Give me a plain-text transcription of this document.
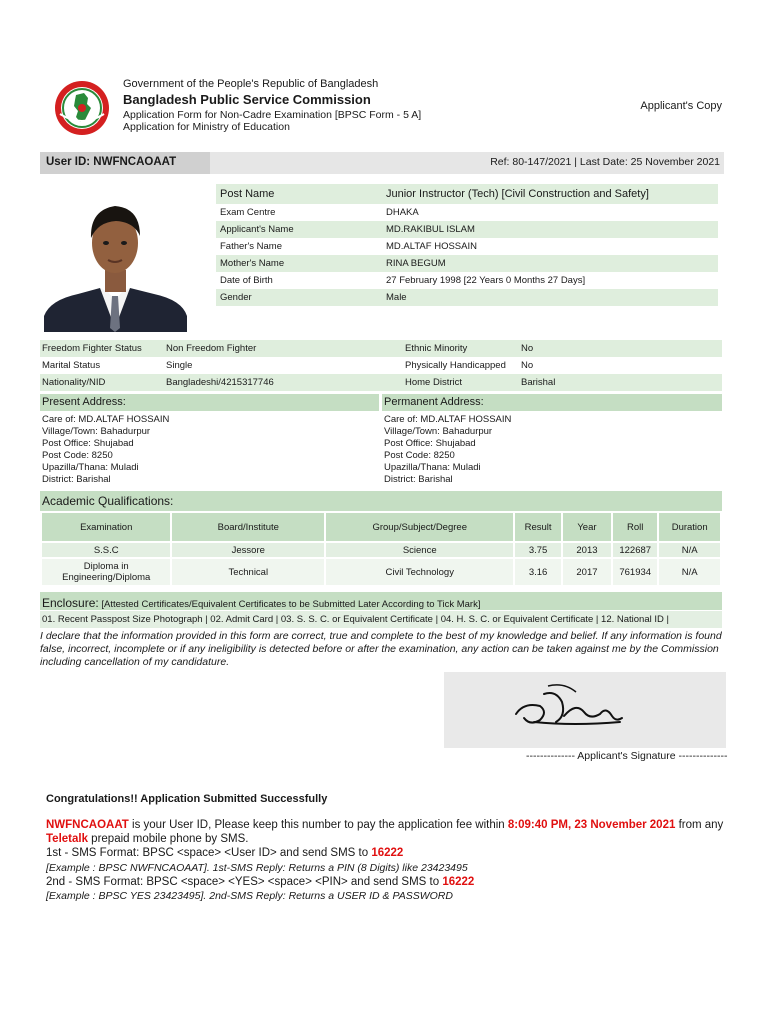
Government of the People's Republic of Bangladesh
Bangladesh Public Service Commission
Application Form for Non-Cadre Examination [BPSC Form - 5 A]
Application for Ministry of Education
Applicant's Copy
User ID: NWFNCAOAAT	Ref: 80-147/2021 | Last Date: 25 November 2021
Post Name	Junior Instructor (Tech) [Civil Construction and Safety]
Exam Centre	DHAKA
Applicant's Name	MD.RAKIBUL ISLAM
Father's Name	MD.ALTAF HOSSAIN
Mother's Name	RINA BEGUM
Date of Birth	27 February 1998 [22 Years 0 Months 27 Days]
Gender	Male
Freedom Fighter Status	Non Freedom Fighter	Ethnic Minority	No
Marital Status	Single	Physically Handicapped	No
Nationality/NID	Bangladeshi/4215317746	Home District	Barishal
Present Address:	Permanent Address:
Care of: MD.ALTAF HOSSAIN
Village/Town: Bahadurpur
Post Office: Shujabad
Post Code: 8250
Upazilla/Thana: Muladi
District: Barishal
Care of: MD.ALTAF HOSSAIN
Village/Town: Bahadurpur
Post Office: Shujabad
Post Code: 8250
Upazilla/Thana: Muladi
District: Barishal
Academic Qualifications:
Examination	Board/Institute	Group/Subject/Degree	Result	Year	Roll	Duration
S.S.C	Jessore	Science	3.75	2013	122687	N/A
Diploma in Engineering/Diploma	Technical	Civil Technology	3.16	2017	761934	N/A
Enclosure: [Attested Certificates/Equivalent Certificates to be Submitted Later According to Tick Mark]
01. Recent Passpost Size Photograph | 02. Admit Card | 03. S. S. C. or Equivalent Certificate | 04. H. S. C. or Equivalent Certificate | 12. National ID |
I declare that the information provided in this form are correct, true and complete to the best of my knowledge and belief. If any information is found false, incorrect, incomplete or if any ineligibility is detected before or after the examination, any action can be taken against me by the Commission including cancellation of my candidature.
-------------- Applicant's Signature --------------
Congratulations!! Application Submitted Successfully
NWFNCAOAAT is your User ID, Please keep this number to pay the application fee within 8:09:40 PM, 23 November 2021 from any
Teletalk prepaid mobile phone by SMS.
1st - SMS Format: BPSC <space> <User ID> and send SMS to 16222
[Example : BPSC NWFNCAOAAT]. 1st-SMS Reply: Returns a PIN (8 Digits) like 23423495
2nd - SMS Format: BPSC <space> <YES> <space> <PIN> and send SMS to 16222
[Example : BPSC YES 23423495]. 2nd-SMS Reply: Returns a USER ID & PASSWORD
